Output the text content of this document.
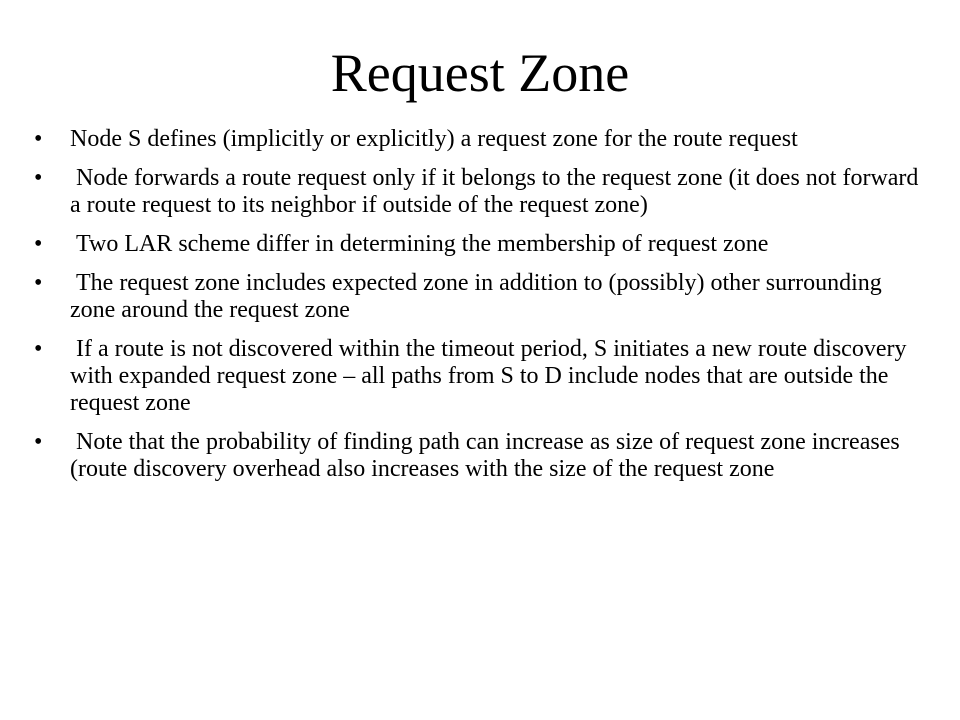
Request Zone
• Node S defines (implicitly or explicitly) a request zone for the route request
• Node forwards a route request only if it belongs to the request zone (it does not forward a route request to its neighbor if outside of the request zone)
• Two LAR scheme differ in determining the membership of request zone
• The request zone includes expected zone in addition to (possibly) other surrounding zone around the request zone
• If a route is not discovered within the timeout period, S initiates a new route discovery with expanded request zone – all paths from S to D include nodes that are outside the request zone
• Note that the probability of finding path can increase as size of request zone increases (route discovery overhead also increases with the size of the request zone
